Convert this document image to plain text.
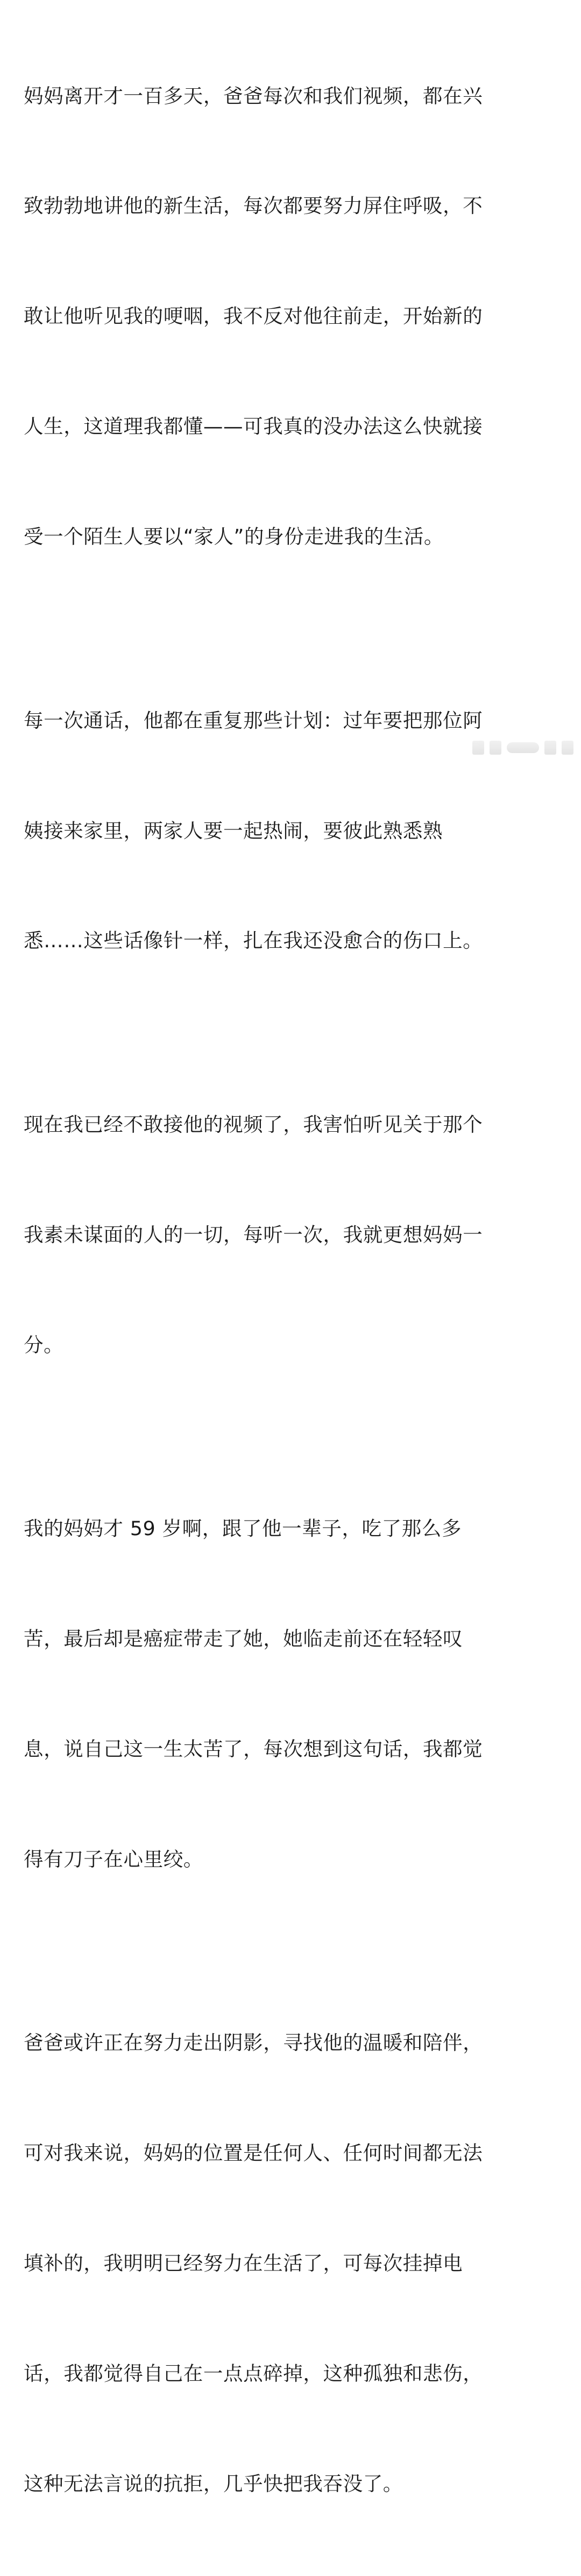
妈妈离开才一百多天，爸爸每次和我们视频，都在兴

致勃勃地讲他的新生活，每次都要努力屏住呼吸，不

敢让他听见我的哽咽，我不反对他往前走，开始新的

人生，这道理我都懂——可我真的没办法这么快就接

受一个陌生人要以“家人”的身份走进我的生活。

每一次通话，他都在重复那些计划：过年要把那位阿

姨接来家里，两家人要一起热闹，要彼此熟悉熟

悉……这些话像针一样，扎在我还没愈合的伤口上。

现在我已经不敢接他的视频了，我害怕听见关于那个

我素未谋面的人的一切，每听一次，我就更想妈妈一

分。

我的妈妈才 59 岁啊，跟了他一辈子，吃了那么多

苦，最后却是癌症带走了她，她临走前还在轻轻叹

息，说自己这一生太苦了，每次想到这句话，我都觉

得有刀子在心里绞。

爸爸或许正在努力走出阴影，寻找他的温暖和陪伴，

可对我来说，妈妈的位置是任何人、任何时间都无法

填补的，我明明已经努力在生活了，可每次挂掉电

话，我都觉得自己在一点点碎掉，这种孤独和悲伤，

这种无法言说的抗拒，几乎快把我吞没了。
